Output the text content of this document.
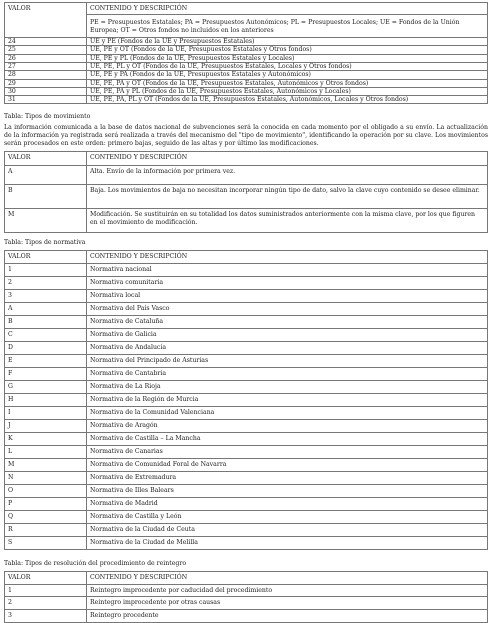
VALOR	CONTENIDO Y DESCRIPCIÓN
	PE = Presupuestos Estatales; PA = Presupuestos Autonómicos; PL = Presupuestos Locales; UE = Fondos de la Unión Europea; OT = Otros fondos no incluidos en los anteriores
24	UE y PE (Fondos de la UE y Presupuestos Estatales)
25	UE, PE y OT (Fondos de la UE, Presupuestos Estatales y Otros fondos)
26	UE, PE y PL (Fondos de la UE, Presupuestos Estatales y Locales)
27	UE, PE, PL y OT (Fondos de la UE, Presupuestos Estatales, Locales y Otros fondos)
28	UE, PE y PA (Fondos de la UE, Presupuestos Estatales y Autonómicos)
29	UE, PE, PA y OT (Fondos de la UE, Presupuestos Estatales, Autonómicos y Otros fondos)
30	UE, PE, PA y PL (Fondos de la UE, Presupuestos Estatales, Autonómicos y Locales)
31	UE, PE, PA, PL y OT (Fondos de la UE, Presupuestos Estatales, Autonómicos, Locales y Otros fondos)
Tabla: Tipos de movimiento
La información comunicada a la base de datos nacional de subvenciones será la conocida en cada momento por el obligado a su envío. La actualización de la información ya registrada será realizada a través del mecanismo del "tipo de movimiento", identificando la operación por su clave. Los movimientos serán procesados en este orden: primero bajas, seguido de las altas y por último las modificaciones.
VALOR	CONTENIDO Y DESCRIPCIÓN
A	Alta. Envío de la información por primera vez.
B	Baja. Los movimientos de baja no necesitan incorporar ningún tipo de dato, salvo la clave cuyo contenido se desee eliminar.
M	Modificación. Se sustituirán en su totalidad los datos suministrados anteriormente con la misma clave, por los que figuren en el movimiento de modificación.
Tabla: Tipos de normativa
VALOR	CONTENIDO Y DESCRIPCIÓN
1	Normativa nacional
2	Normativa comunitaria
3	Normativa local
A	Normativa del País Vasco
B	Normativa de Cataluña
C	Normativa de Galicia
D	Normativa de Andalucía
E	Normativa del Principado de Asturias
F	Normativa de Cantabria
G	Normativa de La Rioja
H	Normativa de la Región de Murcia
I	Normativa de la Comunidad Valenciana
J	Normativa de Aragón
K	Normativa de Castilla – La Mancha
L	Normativa de Canarias
M	Normativa de Comunidad Foral de Navarra
N	Normativa de Extremadura
O	Normativa de Illes Balears
P	Normativa de Madrid
Q	Normativa de Castilla y León
R	Normativa de la Ciudad de Ceuta
S	Normativa de la Ciudad de Melilla
Tabla: Tipos de resolución del procedimiento de reintegro
VALOR	CONTENIDO Y DESCRIPCIÓN
1	Reintegro improcedente por caducidad del procedimiento
2	Reintegro improcedente por otras causas
3	Reintegro procedente
